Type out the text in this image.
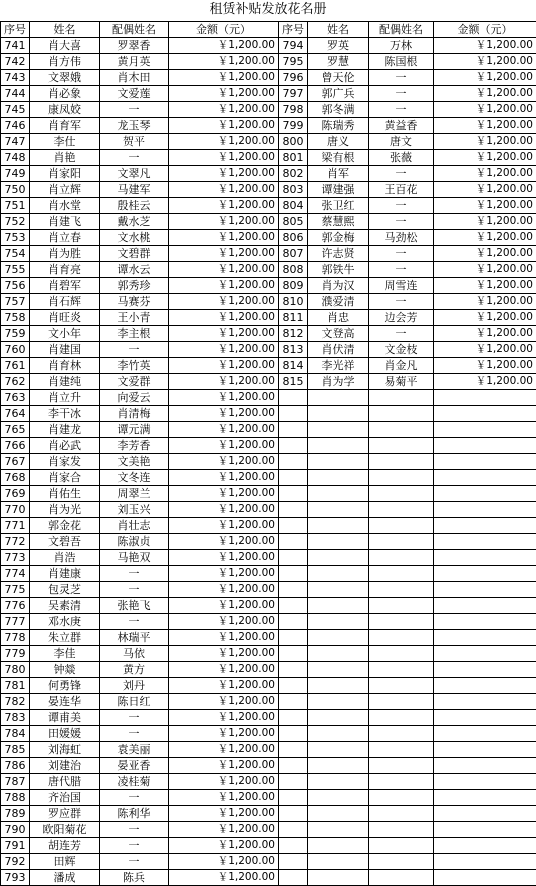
租赁补贴发放花名册
序号	姓名	配偶姓名	金额（元）	序号	姓名	配偶姓名	金额（元）
741	肖大喜	罗翠香	￥1,200.00	794	罗英	万林	￥1,200.00
742	肖方伟	黄月英	￥1,200.00	795	罗慧	陈国根	￥1,200.00
743	文翠娥	肖木田	￥1,200.00	796	曾天伦	一	￥1,200.00
744	肖必象	文爱莲	￥1,200.00	797	郭广兵	一	￥1,200.00
745	康凤姣	一	￥1,200.00	798	郭冬满	一	￥1,200.00
746	肖育军	龙玉琴	￥1,200.00	799	陈瑞秀	黄益香	￥1,200.00
747	李仕	贺平	￥1,200.00	800	唐义	唐文	￥1,200.00
748	肖艳	一	￥1,200.00	801	梁有根	张薇	￥1,200.00
749	肖家阳	文翠凡	￥1,200.00	802	肖军	一	￥1,200.00
750	肖立辉	马建军	￥1,200.00	803	谭建强	王百花	￥1,200.00
751	肖水堂	殷桂云	￥1,200.00	804	张卫红	一	￥1,200.00
752	肖建飞	戴水芝	￥1,200.00	805	蔡慧熙	一	￥1,200.00
753	肖立春	文水桃	￥1,200.00	806	郭金梅	马劲松	￥1,200.00
754	肖为胜	文碧群	￥1,200.00	807	许志贤	一	￥1,200.00
755	肖育亮	谭水云	￥1,200.00	808	郭铁牛	一	￥1,200.00
756	肖碧军	郭秀珍	￥1,200.00	809	肖为汉	周雪连	￥1,200.00
757	肖石辉	马赛芬	￥1,200.00	810	濮爱清	一	￥1,200.00
758	肖旺炎	王小青	￥1,200.00	811	肖忠	边会芳	￥1,200.00
759	文小年	李主根	￥1,200.00	812	文登高	一	￥1,200.00
760	肖建国	一	￥1,200.00	813	肖伏清	文金枝	￥1,200.00
761	肖育林	李竹英	￥1,200.00	814	李光祥	肖金凡	￥1,200.00
762	肖建纯	文爱群	￥1,200.00	815	肖为学	易菊平	￥1,200.00
763	肖立升	向爱云	￥1,200.00				
764	李干冰	肖清梅	￥1,200.00				
765	肖建龙	谭元满	￥1,200.00				
766	肖必武	李芳香	￥1,200.00				
767	肖家发	文美艳	￥1,200.00				
768	肖家合	文冬连	￥1,200.00				
769	肖佑生	周翠兰	￥1,200.00				
770	肖为光	刘玉兴	￥1,200.00				
771	郭金花	肖壮志	￥1,200.00				
772	文碧吾	陈淑贞	￥1,200.00				
773	肖浩	马艳双	￥1,200.00				
774	肖建康	一	￥1,200.00				
775	包灵芝	一	￥1,200.00				
776	吴素清	张艳飞	￥1,200.00				
777	邓水庚	一	￥1,200.00				
778	朱立群	林瑞平	￥1,200.00				
779	李佳	马依	￥1,200.00				
780	钟燚	黄方	￥1,200.00				
781	何勇锋	刘丹	￥1,200.00				
782	晏连华	陈日红	￥1,200.00				
783	谭甫美	一	￥1,200.00				
784	田媛媛	一	￥1,200.00				
785	刘海虹	袁美丽	￥1,200.00				
786	刘建治	晏亚香	￥1,200.00				
787	唐代腊	凌桂菊	￥1,200.00				
788	齐治国	一	￥1,200.00				
789	罗应群	陈利华	￥1,200.00				
790	欧阳菊花	一	￥1,200.00				
791	胡连芳	一	￥1,200.00				
792	田辉	一	￥1,200.00				
793	潘成	陈兵	￥1,200.00				
